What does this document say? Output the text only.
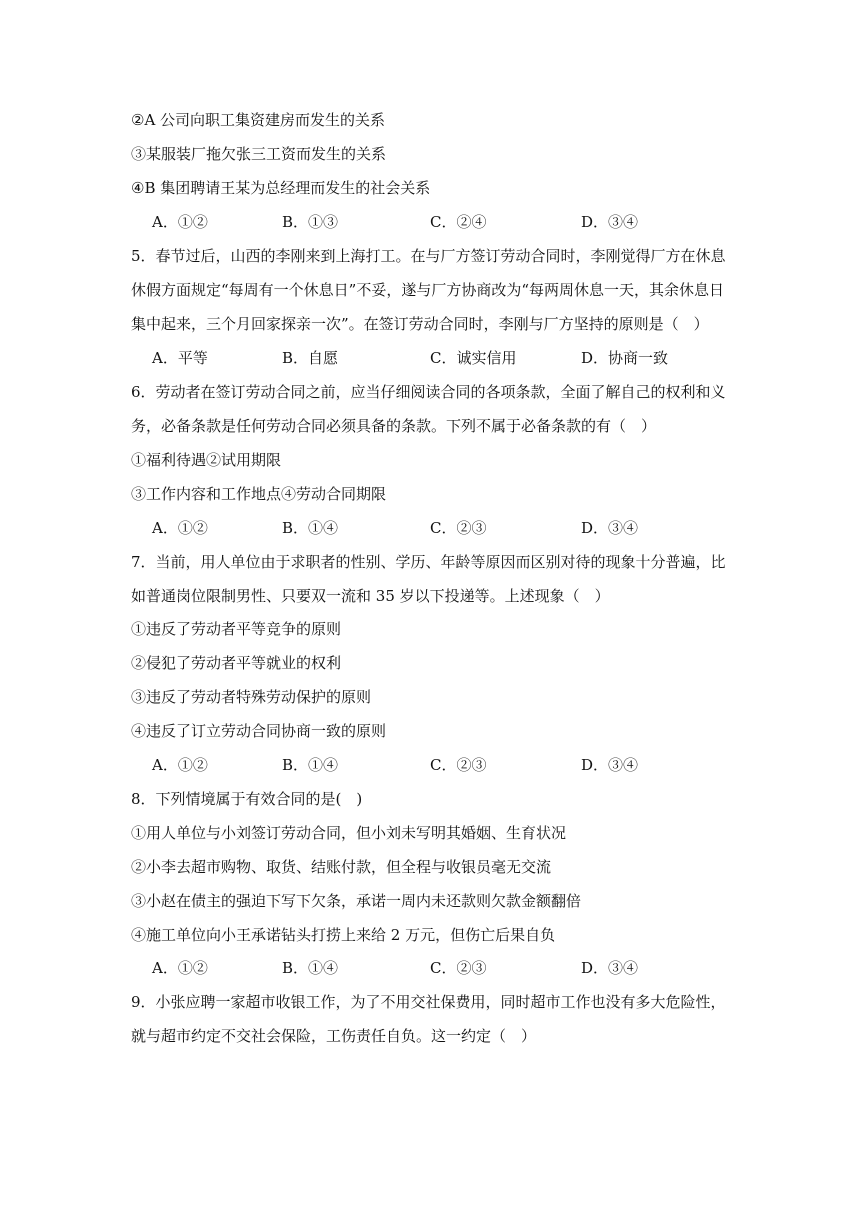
②A 公司向职工集资建房而发生的关系
③某服装厂拖欠张三工资而发生的关系
④B 集团聘请王某为总经理而发生的社会关系
A．①②	B．①③	C．②④	D．③④
5．春节过后，山西的李刚来到上海打工。在与厂方签订劳动合同时，李刚觉得厂方在休息
休假方面规定“每周有一个休息日”不妥，遂与厂方协商改为“每两周休息一天，其余休息日
集中起来，三个月回家探亲一次”。在签订劳动合同时，李刚与厂方坚持的原则是（　）
A．平等	B．自愿	C．诚实信用	D．协商一致
6．劳动者在签订劳动合同之前，应当仔细阅读合同的各项条款，全面了解自己的权利和义
务，必备条款是任何劳动合同必须具备的条款。下列不属于必备条款的有（　）
①福利待遇②试用期限
③工作内容和工作地点④劳动合同期限
A．①②	B．①④	C．②③	D．③④
7．当前，用人单位由于求职者的性别、学历、年龄等原因而区别对待的现象十分普遍，比
如普通岗位限制男性、只要双一流和 35 岁以下投递等。上述现象（　）
①违反了劳动者平等竞争的原则
②侵犯了劳动者平等就业的权利
③违反了劳动者特殊劳动保护的原则
④违反了订立劳动合同协商一致的原则
A．①②	B．①④	C．②③	D．③④
8．下列情境属于有效合同的是(　)
①用人单位与小刘签订劳动合同，但小刘未写明其婚姻、生育状况
②小李去超市购物、取货、结账付款，但全程与收银员毫无交流
③小赵在债主的强迫下写下欠条，承诺一周内未还款则欠款金额翻倍
④施工单位向小王承诺钻头打捞上来给 2 万元，但伤亡后果自负
A．①②	B．①④	C．②③	D．③④
9．小张应聘一家超市收银工作，为了不用交社保费用，同时超市工作也没有多大危险性，
就与超市约定不交社会保险，工伤责任自负。这一约定（　）
